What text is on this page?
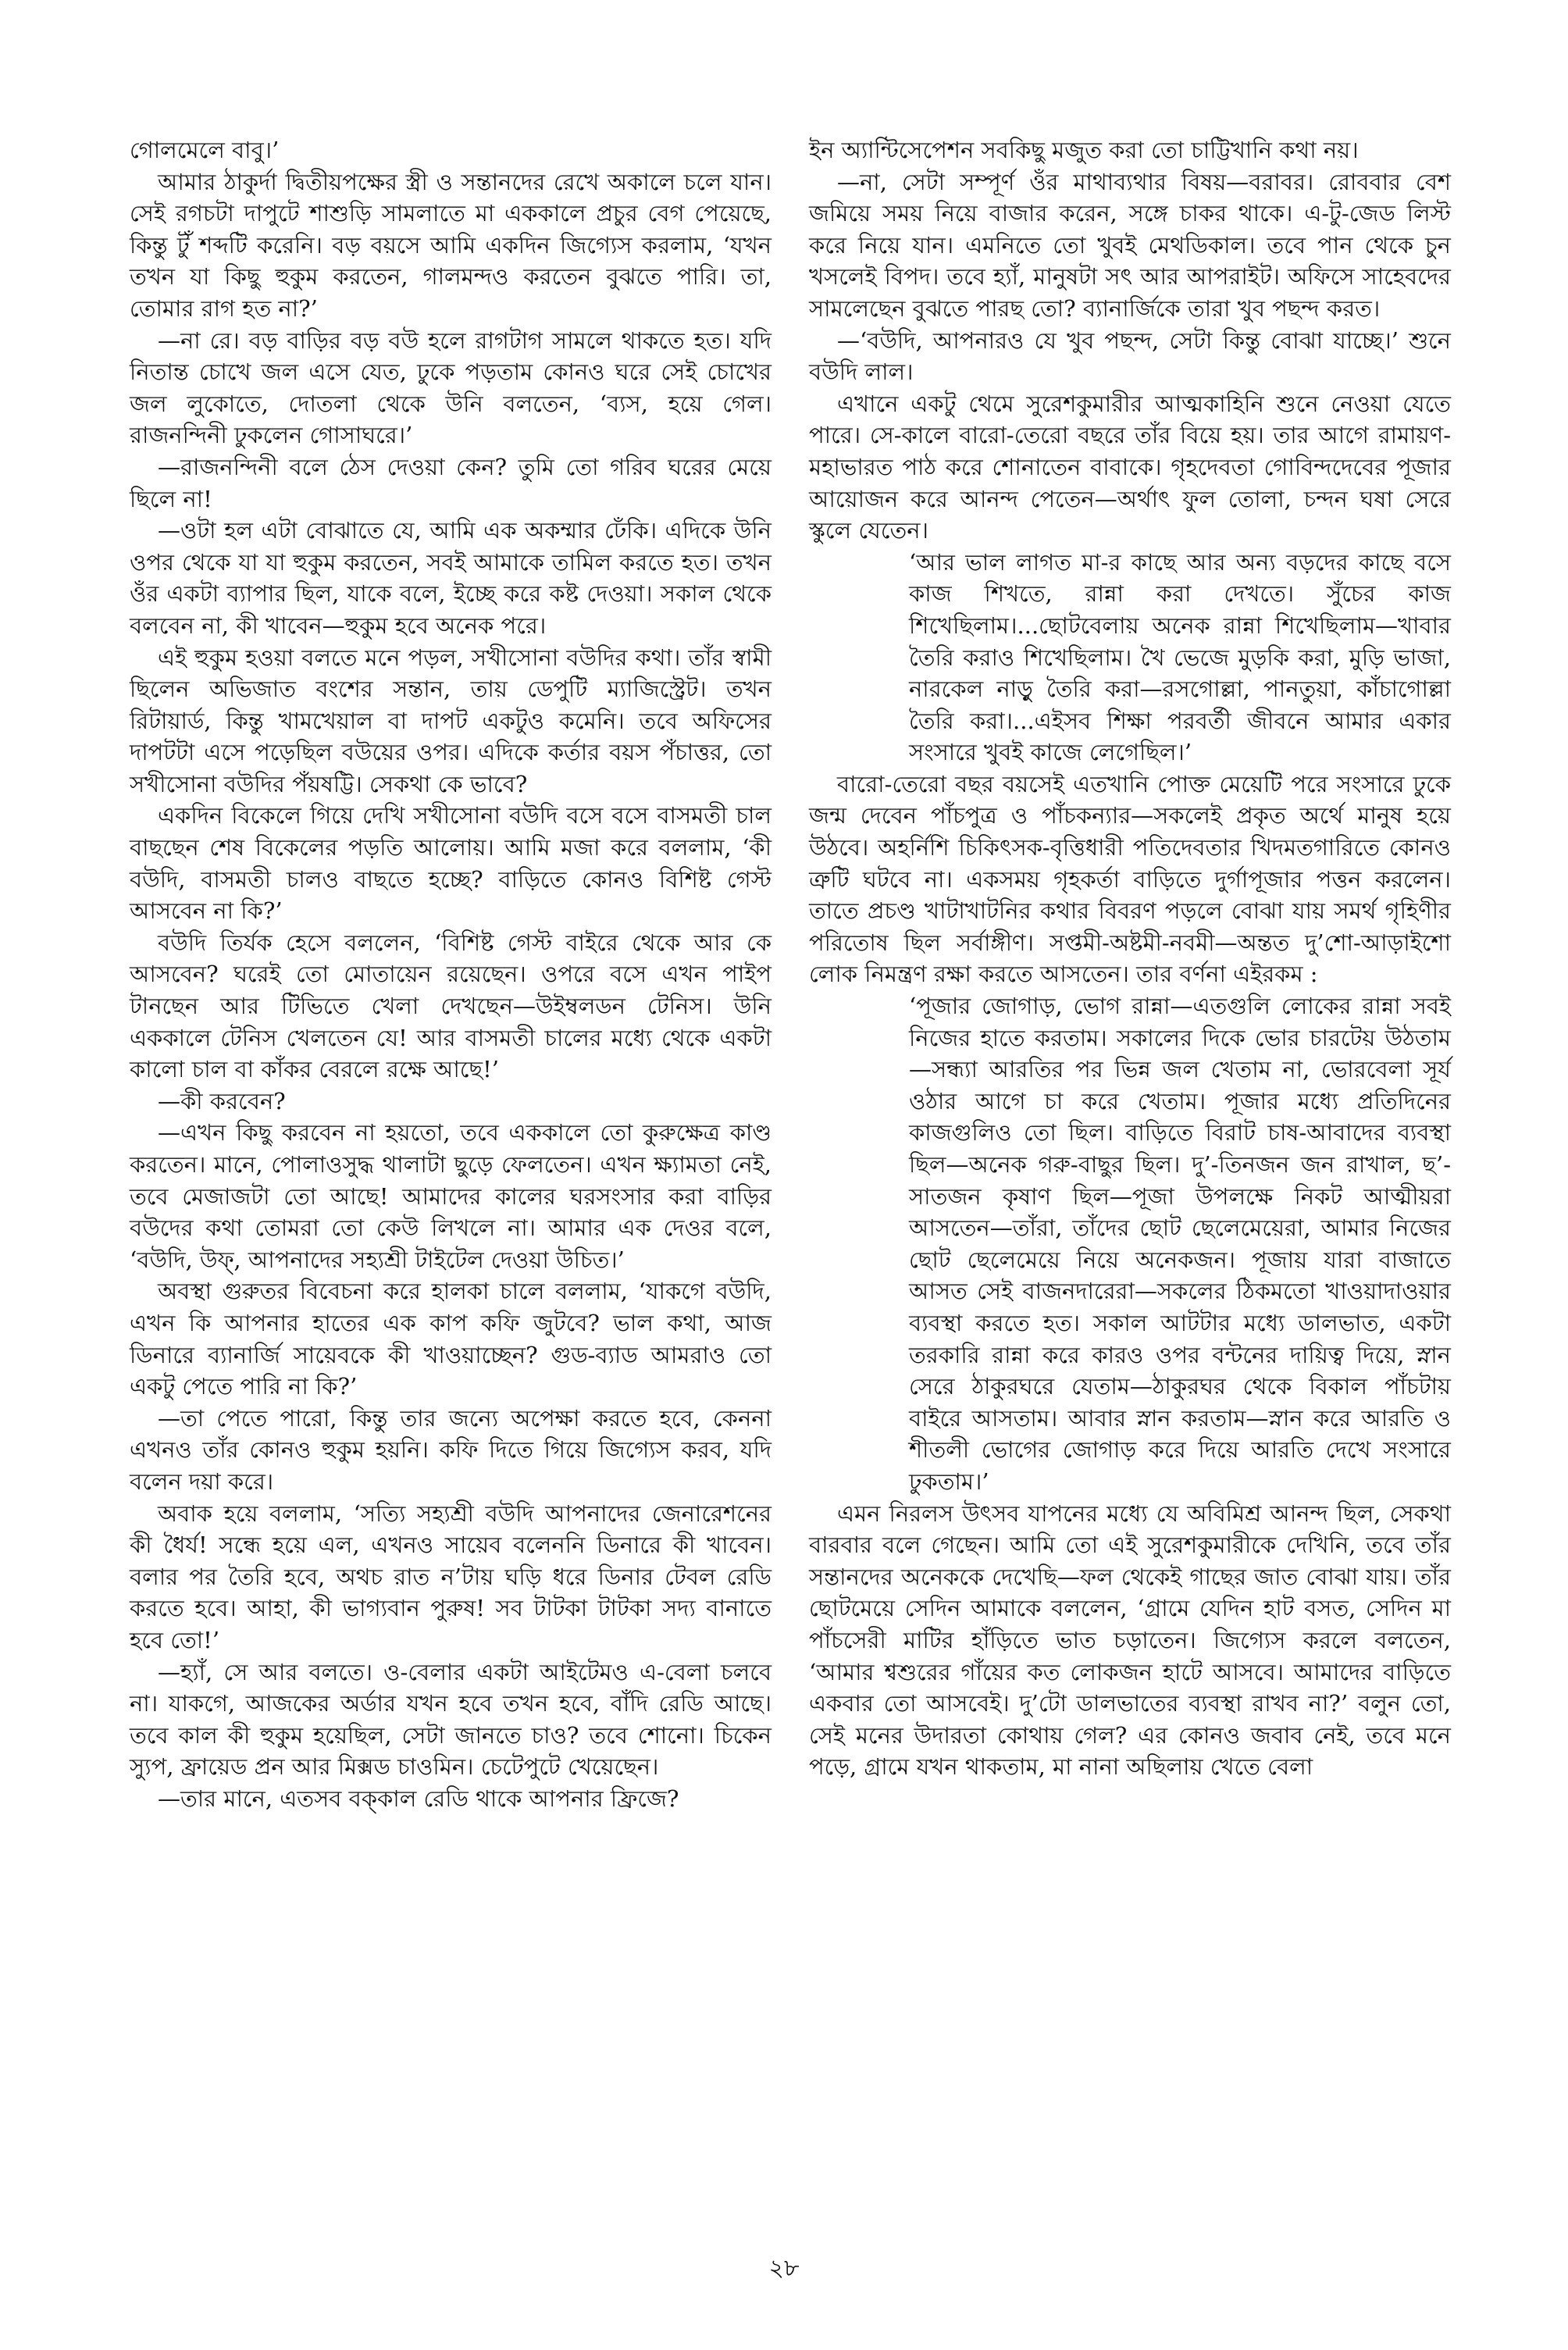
গোলমেলে বাবু।’

আমার ঠাকুর্দা দ্বিতীয়পক্ষের স্ত্রী ও সন্তানদের রেখে অকালে চলে যান। সেই রগচটা দাপুটে শাশুড়ি সামলাতে মা এককালে প্রচুর বেগ পেয়েছে, কিন্তু টুঁ শব্দটি করেনি। বড় বয়সে আমি একদিন জিগ্যেস করলাম, ‘যখন তখন যা কিছু হুকুম করতেন, গালমন্দও করতেন বুঝতে পারি। তা, তোমার রাগ হত না?’

—না রে। বড় বাড়ির বড় বউ হলে রাগটাগ সামলে থাকতে হত। যদি নিতান্ত চোখে জল এসে যেত, ঢুকে পড়তাম কোনও ঘরে সেই চোখের জল লুকোতে, দোতলা থেকে উনি বলতেন, ‘ব্যস, হয়ে গেল। রাজনন্দিনী ঢুকলেন গোসাঘরে।’

—রাজনন্দিনী বলে ঠেস দেওয়া কেন? তুমি তো গরিব ঘরের মেয়ে ছিলে না!

—ওটা হল এটা বোঝাতে যে, আমি এক অকম্মার ঢেঁকি। এদিকে উনি ওপর থেকে যা যা হুকুম করতেন, সবই আমাকে তামিল করতে হত। তখন ওঁর একটা ব্যাপার ছিল, যাকে বলে, ইচ্ছে করে কষ্ট দেওয়া। সকাল থেকে বলবেন না, কী খাবেন—হুকুম হবে অনেক পরে।

এই হুকুম হওয়া বলতে মনে পড়ল, সখীসোনা বউদির কথা। তাঁর স্বামী ছিলেন অভিজাত বংশের সন্তান, তায় ডেপুটি ম্যাজিস্ট্রেট। তখন রিটায়ার্ড, কিন্তু খামখেয়াল বা দাপট একটুও কমেনি। তবে অফিসের দাপটটা এসে পড়েছিল বউয়ের ওপর। এদিকে কর্তার বয়স পঁচাত্তর, তো সখীসোনা বউদির পঁয়ষট্টি। সেকথা কে ভাবে?

একদিন বিকেলে গিয়ে দেখি সখীসোনা বউদি বসে বসে বাসমতী চাল বাছছেন শেষ বিকেলের পড়তি আলোয়। আমি মজা করে বললাম, ‘কী বউদি, বাসমতী চালও বাছতে হচ্ছে? বাড়িতে কোনও বিশিষ্ট গেস্ট আসবেন না কি?’

বউদি তির্যক হেসে বললেন, ‘বিশিষ্ট গেস্ট বাইরে থেকে আর কে আসবেন? ঘরেই তো মোতায়েন রয়েছেন। ওপরে বসে এখন পাইপ টানছেন আর টিভিতে খেলা দেখছেন—উইম্বলডন টেনিস। উনি এককালে টেনিস খেলতেন যে! আর বাসমতী চালের মধ্যে থেকে একটা কালো চাল বা কাঁকর বেরলে রক্ষে আছে!’

—কী করবেন?

—এখন কিছু করবেন না হয়তো, তবে এককালে তো কুরুক্ষেত্র কাণ্ড করতেন। মানে, পোলাওসুদ্ধ থালাটা ছুড়ে ফেলতেন। এখন ক্ষ্যামতা নেই, তবে মেজাজটা তো আছে! আমাদের কালের ঘরসংসার করা বাড়ির বউদের কথা তোমরা তো কেউ লিখলে না। আমার এক দেওর বলে, ‘বউদি, উফ্, আপনাদের সহ্যশ্রী টাইটেল দেওয়া উচিত।’

অবস্থা গুরুতর বিবেচনা করে হালকা চালে বললাম, ‘যাকগে বউদি, এখন কি আপনার হাতের এক কাপ কফি জুটবে? ভাল কথা, আজ ডিনারে ব্যানার্জি সায়েবকে কী খাওয়াচ্ছেন? গুড-ব্যাড আমরাও তো একটু পেতে পারি না কি?’

—তা পেতে পারো, কিন্তু তার জন্যে অপেক্ষা করতে হবে, কেননা এখনও তাঁর কোনও হুকুম হয়নি। কফি দিতে গিয়ে জিগ্যেস করব, যদি বলেন দয়া করে।

অবাক হয়ে বললাম, ‘সত্যি সহ্যশ্রী বউদি আপনাদের জেনারেশনের কী ধৈর্য! সন্ধে হয়ে এল, এখনও সায়েব বলেননি ডিনারে কী খাবেন। বলার পর তৈরি হবে, অথচ রাত ন’টায় ঘড়ি ধরে ডিনার টেবল রেডি করতে হবে। আহা, কী ভাগ্যবান পুরুষ! সব টাটকা টাটকা সদ্য বানাতে হবে তো!’

—হ্যাঁ, সে আর বলতে। ও-বেলার একটা আইটেমও এ-বেলা চলবে না। যাকগে, আজকের অর্ডার যখন হবে তখন হবে, বাঁদি রেডি আছে। তবে কাল কী হুকুম হয়েছিল, সেটা জানতে চাও? তবে শোনো। চিকেন স্যুপ, ফ্রায়েড প্রন আর মিক্সড চাওমিন। চেটেপুটে খেয়েছেন।

—তার মানে, এতসব বক্‌কাল রেডি থাকে আপনার ফ্রিজে?

ইন অ্যান্টিসেপেশন সবকিছু মজুত করা তো চাট্টিখানি কথা নয়।

—না, সেটা সম্পূর্ণ ওঁর মাথাব্যথার বিষয়—বরাবর। রোববার বেশ জমিয়ে সময় নিয়ে বাজার করেন, সঙ্গে চাকর থাকে। এ-টু-জেড লিস্ট করে নিয়ে যান। এমনিতে তো খুবই মেথডিকাল। তবে পান থেকে চুন খসলেই বিপদ। তবে হ্যাঁ, মানুষটা সৎ আর আপরাইট। অফিসে সাহেবদের সামলেছেন বুঝতে পারছ তো? ব্যানার্জিকে তারা খুব পছন্দ করত।

—‘বউদি, আপনারও যে খুব পছন্দ, সেটা কিন্তু বোঝা যাচ্ছে।’ শুনে বউদি লাল।

এখানে একটু থেমে সুরেশকুমারীর আত্মকাহিনি শুনে নেওয়া যেতে পারে। সে-কালে বারো-তেরো বছরে তাঁর বিয়ে হয়। তার আগে রামায়ণ-মহাভারত পাঠ করে শোনাতেন বাবাকে। গৃহদেবতা গোবিন্দদেবের পূজার আয়োজন করে আনন্দ পেতেন—অর্থাৎ ফুল তোলা, চন্দন ঘষা সেরে স্কুলে যেতেন।

‘আর ভাল লাগত মা-র কাছে আর অন্য বড়দের কাছে বসে কাজ শিখতে, রান্না করা দেখতে। সুঁচের কাজ শিখেছিলাম।...ছোটবেলায় অনেক রান্না শিখেছিলাম—খাবার তৈরি করাও শিখেছিলাম। খৈ ভেজে মুড়কি করা, মুড়ি ভাজা, নারকেল নাড়ু তৈরি করা—রসগোল্লা, পানতুয়া, কাঁচাগোল্লা তৈরি করা।...এইসব শিক্ষা পরবর্তী জীবনে আমার একার সংসারে খুবই কাজে লেগেছিল।’

বারো-তেরো বছর বয়সেই এতখানি পোক্ত মেয়েটি পরে সংসারে ঢুকে জন্ম দেবেন পাঁচপুত্র ও পাঁচকন্যার—সকলেই প্রকৃত অর্থে মানুষ হয়ে উঠবে। অহর্নিশি চিকিৎসক-বৃত্তিধারী পতিদেবতার খিদমতগারিতে কোনও ত্রুটি ঘটবে না। একসময় গৃহকর্তা বাড়িতে দুর্গাপূজার পত্তন করলেন। তাতে প্রচণ্ড খাটাখাটনির কথার বিবরণ পড়লে বোঝা যায় সমর্থ গৃহিণীর পরিতোষ ছিল সর্বাঙ্গীণ। সপ্তমী-অষ্টমী-নবমী—অন্তত দু’শো-আড়াইশো লোক নিমন্ত্রণ রক্ষা করতে আসতেন। তার বর্ণনা এইরকম :

‘পূজার জোগাড়, ভোগ রান্না—এতগুলি লোকের রান্না সবই নিজের হাতে করতাম। সকালের দিকে ভোর চারটেয় উঠতাম—সন্ধ্যা আরতির পর ভিন্ন জল খেতাম না, ভোরবেলা সূর্য ওঠার আগে চা করে খেতাম। পূজার মধ্যে প্রতিদিনের কাজগুলিও তো ছিল। বাড়িতে বিরাট চাষ-আবাদের ব্যবস্থা ছিল—অনেক গরু-বাছুর ছিল। দু’-তিনজন জন রাখাল, ছ’-সাতজন কৃষাণ ছিল—পূজা উপলক্ষে নিকট আত্মীয়রা আসতেন—তাঁরা, তাঁদের ছোট ছেলেমেয়েরা, আমার নিজের ছোট ছেলেমেয়ে নিয়ে অনেকজন। পূজায় যারা বাজাতে আসত সেই বাজনদারেরা—সকলের ঠিকমতো খাওয়াদাওয়ার ব্যবস্থা করতে হত। সকাল আটটার মধ্যে ডালভাত, একটা তরকারি রান্না করে কারও ওপর বন্টনের দায়িত্ব দিয়ে, স্নান সেরে ঠাকুরঘরে যেতাম—ঠাকুরঘর থেকে বিকাল পাঁচটায় বাইরে আসতাম। আবার স্নান করতাম—স্নান করে আরতি ও শীতলী ভোগের জোগাড় করে দিয়ে আরতি দেখে সংসারে ঢুকতাম।’

এমন নিরলস উৎসব যাপনের মধ্যে যে অবিমিশ্র আনন্দ ছিল, সেকথা বারবার বলে গেছেন। আমি তো এই সুরেশকুমারীকে দেখিনি, তবে তাঁর সন্তানদের অনেককে দেখেছি—ফল থেকেই গাছের জাত বোঝা যায়। তাঁর ছোটমেয়ে সেদিন আমাকে বললেন, ‘গ্রামে যেদিন হাট বসত, সেদিন মা পাঁচসেরী মাটির হাঁড়িতে ভাত চড়াতেন। জিগ্যেস করলে বলতেন, ‘আমার শ্বশুরের গাঁয়ের কত লোকজন হাটে আসবে। আমাদের বাড়িতে একবার তো আসবেই। দু’টো ডালভাতের ব্যবস্থা রাখব না?’ বলুন তো, সেই মনের উদারতা কোথায় গেল? এর কোনও জবাব নেই, তবে মনে পড়ে, গ্রামে যখন থাকতাম, মা নানা অছিলায় খেতে বেলা

২৮
